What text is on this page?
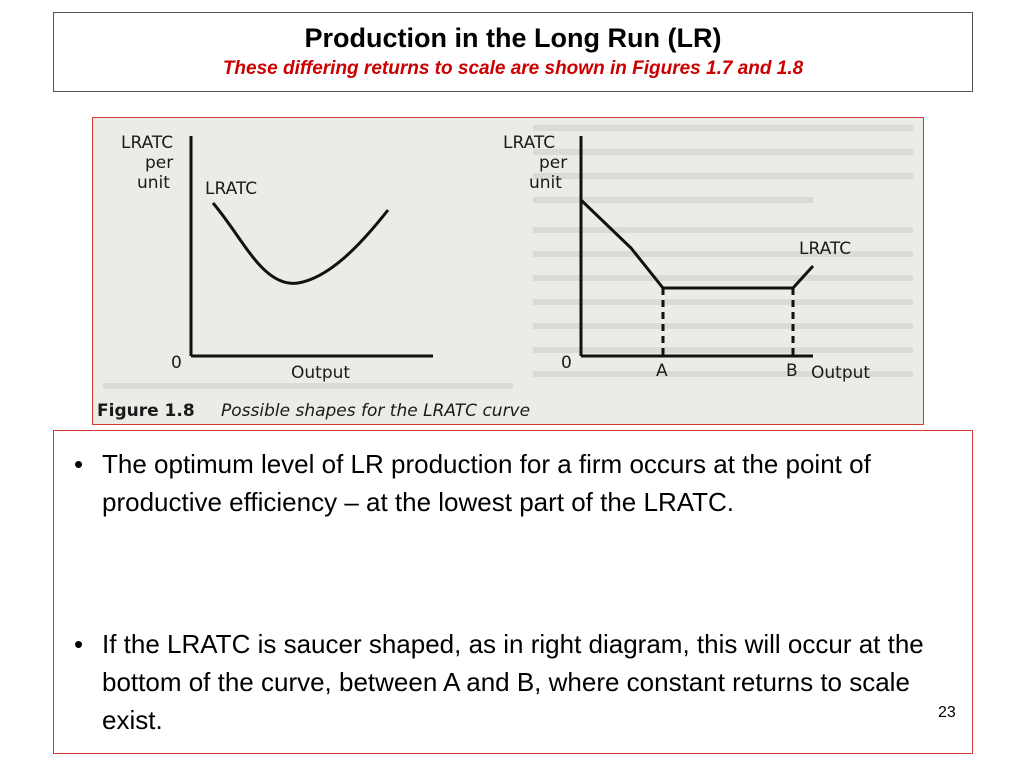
Production in the Long Run (LR)
These differing returns to scale are shown in Figures 1.7 and 1.8
LRATC
per
unit LRATC
0	Output
LRATC
per
unit
LRATC
0	A	B Output
Figure 1.8 Possible shapes for the LRATC curve
• The optimum level of LR production for a firm occurs at the point of productive efficiency – at the lowest part of the LRATC.
• If the LRATC is saucer shaped, as in right diagram, this will occur at the bottom of the curve, between A and B, where constant returns to scale exist.	23
